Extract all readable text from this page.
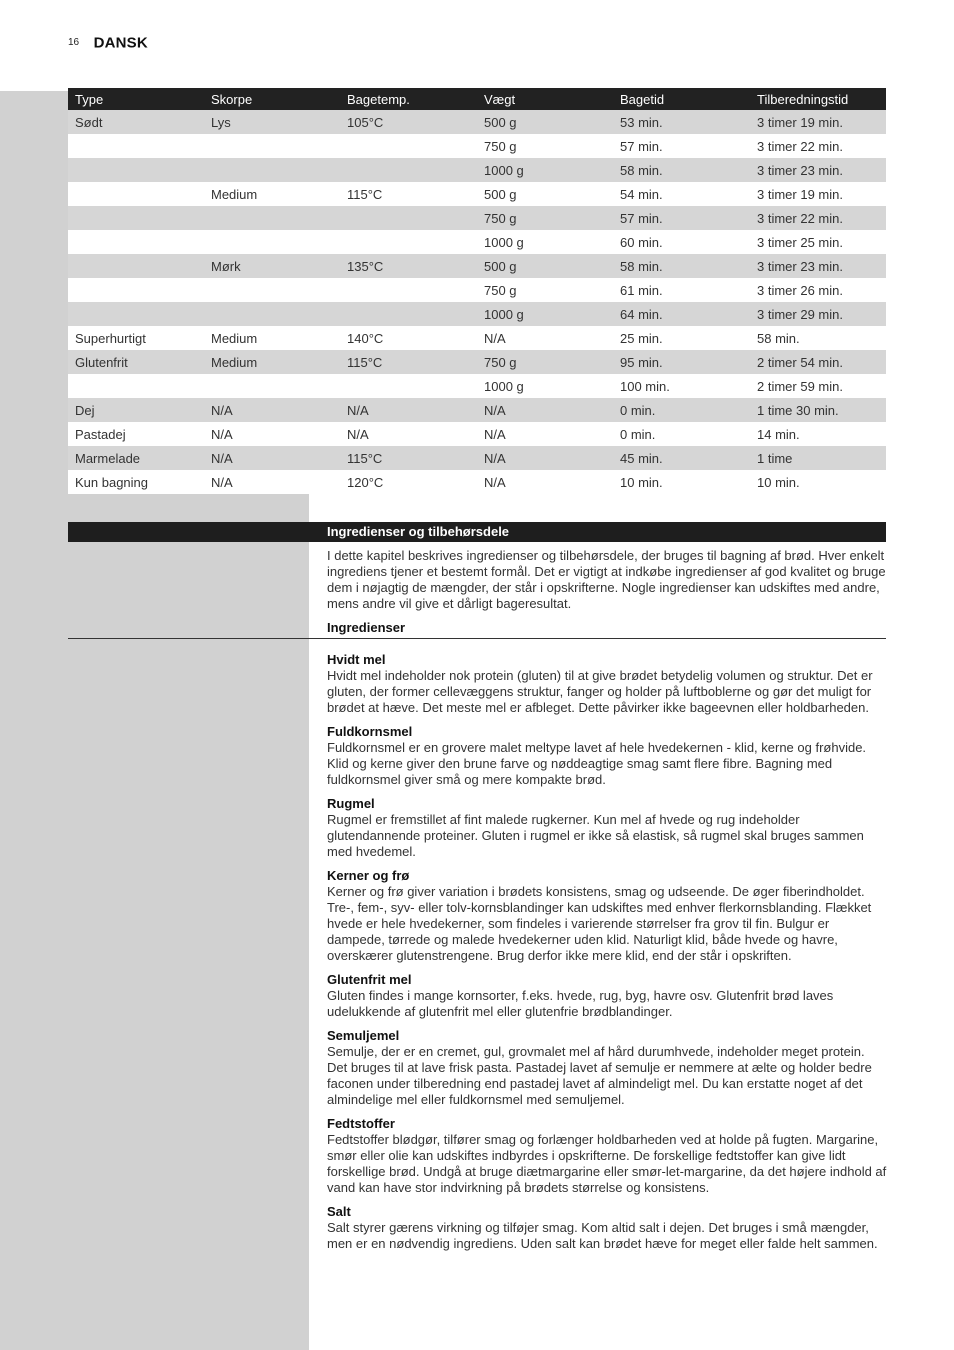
16 DANSK
Type	Skorpe	Bagetemp.	Vægt	Bagetid	Tilberedningstid
Sødt	Lys	105°C	500 g	53 min.	3 timer 19 min.
			750 g	57 min.	3 timer 22 min.
			1000 g	58 min.	3 timer 23 min.
	Medium	115°C	500 g	54 min.	3 timer 19 min.
			750 g	57 min.	3 timer 22 min.
			1000 g	60 min.	3 timer 25 min.
	Mørk	135°C	500 g	58 min.	3 timer 23 min.
			750 g	61 min.	3 timer 26 min.
			1000 g	64 min.	3 timer 29 min.
Superhurtigt	Medium	140°C	N/A	25 min.	58 min.
Glutenfrit	Medium	115°C	750 g	95 min.	2 timer 54 min.
			1000 g	100 min.	2 timer 59 min.
Dej	N/A	N/A	N/A	0 min.	1 time 30 min.
Pastadej	N/A	N/A	N/A	0 min.	14 min.
Marmelade	N/A	115°C	N/A	45 min.	1 time
Kun bagning	N/A	120°C	N/A	10 min.	10 min.
Ingredienser og tilbehørsdele

I dette kapitel beskrives ingredienser og tilbehørsdele, der bruges til bagning af brød. Hver enkelt ingrediens tjener et bestemt formål. Det er vigtigt at indkøbe ingredienser af god kvalitet og bruge dem i nøjagtig de mængder, der står i opskrifterne. Nogle ingredienser kan udskiftes med andre, mens andre vil give et dårligt bageresultat.

Ingredienser
Hvidt mel

Hvidt mel indeholder nok protein (gluten) til at give brødet betydelig volumen og struktur. Det er gluten, der former cellevæggens struktur, fanger og holder på luftboblerne og gør det muligt for brødet at hæve. Det meste mel er afbleget. Dette påvirker ikke bageevnen eller holdbarheden.

Fuldkornsmel

Fuldkornsmel er en grovere malet meltype lavet af hele hvedekernen - klid, kerne og frøhvide. Klid og kerne giver den brune farve og nøddeagtige smag samt flere fibre. Bagning med fuldkornsmel giver små og mere kompakte brød.

Rugmel

Rugmel er fremstillet af fint malede rugkerner. Kun mel af hvede og rug indeholder glutendannende proteiner. Gluten i rugmel er ikke så elastisk, så rugmel skal bruges sammen med hvedemel.

Kerner og frø

Kerner og frø giver variation i brødets konsistens, smag og udseende. De øger fiberindholdet. Tre-, fem-, syv- eller tolv-kornsblandinger kan udskiftes med enhver flerkornsblanding. Flækket hvede er hele hvedekerner, som findeles i varierende størrelser fra grov til fin. Bulgur er dampede, tørrede og malede hvedekerner uden klid. Naturligt klid, både hvede og havre, overskærer glutenstrengene. Brug derfor ikke mere klid, end der står i opskriften.

Glutenfrit mel

Gluten findes i mange kornsorter, f.eks. hvede, rug, byg, havre osv. Glutenfrit brød laves udelukkende af glutenfrit mel eller glutenfrie brødblandinger.

Semuljemel

Semulje, der er en cremet, gul, grovmalet mel af hård durumhvede, indeholder meget protein. Det bruges til at lave frisk pasta. Pastadej lavet af semulje er nemmere at ælte og holder bedre faconen under tilberedning end pastadej lavet af almindeligt mel. Du kan erstatte noget af det almindelige mel eller fuldkornsmel med semuljemel.

Fedtstoffer

Fedtstoffer blødgør, tilfører smag og forlænger holdbarheden ved at holde på fugten. Margarine, smør eller olie kan udskiftes indbyrdes i opskrifterne. De forskellige fedtstoffer kan give lidt forskellige brød. Undgå at bruge diætmargarine eller smør-let-margarine, da det højere indhold af vand kan have stor indvirkning på brødets størrelse og konsistens.

Salt

Salt styrer gærens virkning og tilføjer smag. Kom altid salt i dejen. Det bruges i små mængder, men er en nødvendig ingrediens. Uden salt kan brødet hæve for meget eller falde helt sammen.
